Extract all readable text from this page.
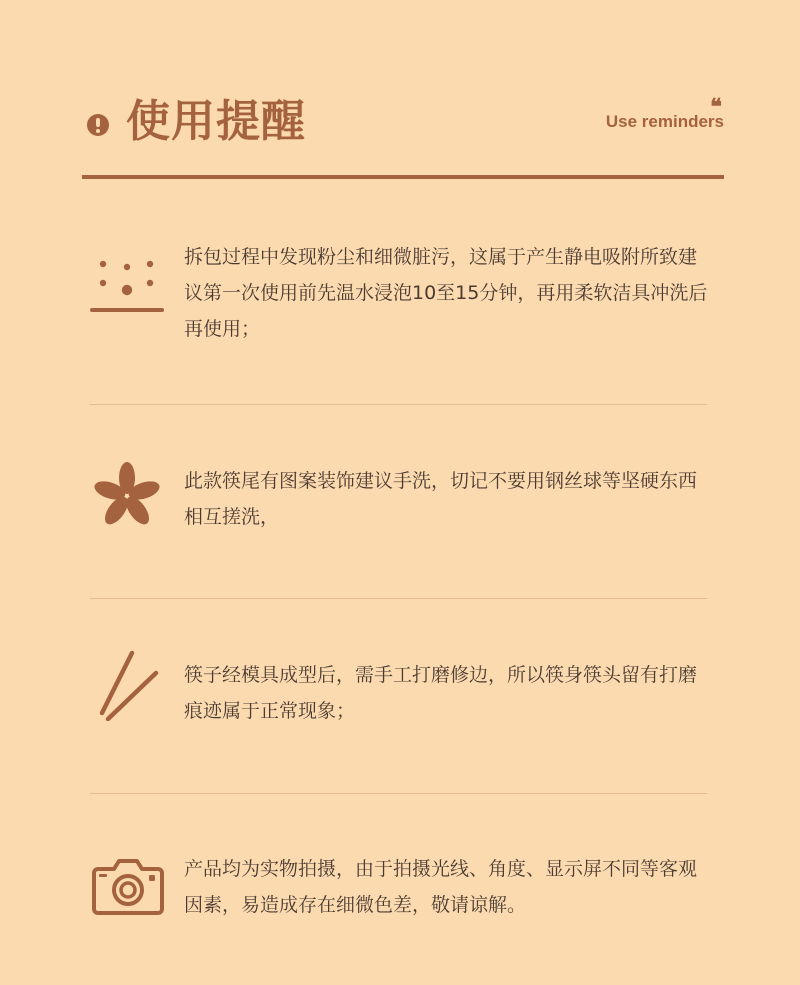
使用提醒	❝
Use reminders
拆包过程中发现粉尘和细微脏污，这属于产生静电吸附所致建议第一次使用前先温水浸泡10至15分钟，再用柔软洁具冲洗后再使用；
此款筷尾有图案装饰建议手洗，切记不要用钢丝球等坚硬东西相互搓洗，
筷子经模具成型后，需手工打磨修边，所以筷身筷头留有打磨痕迹属于正常现象；
产品均为实物拍摄，由于拍摄光线、角度、显示屏不同等客观因素，易造成存在细微色差，敬请谅解。
